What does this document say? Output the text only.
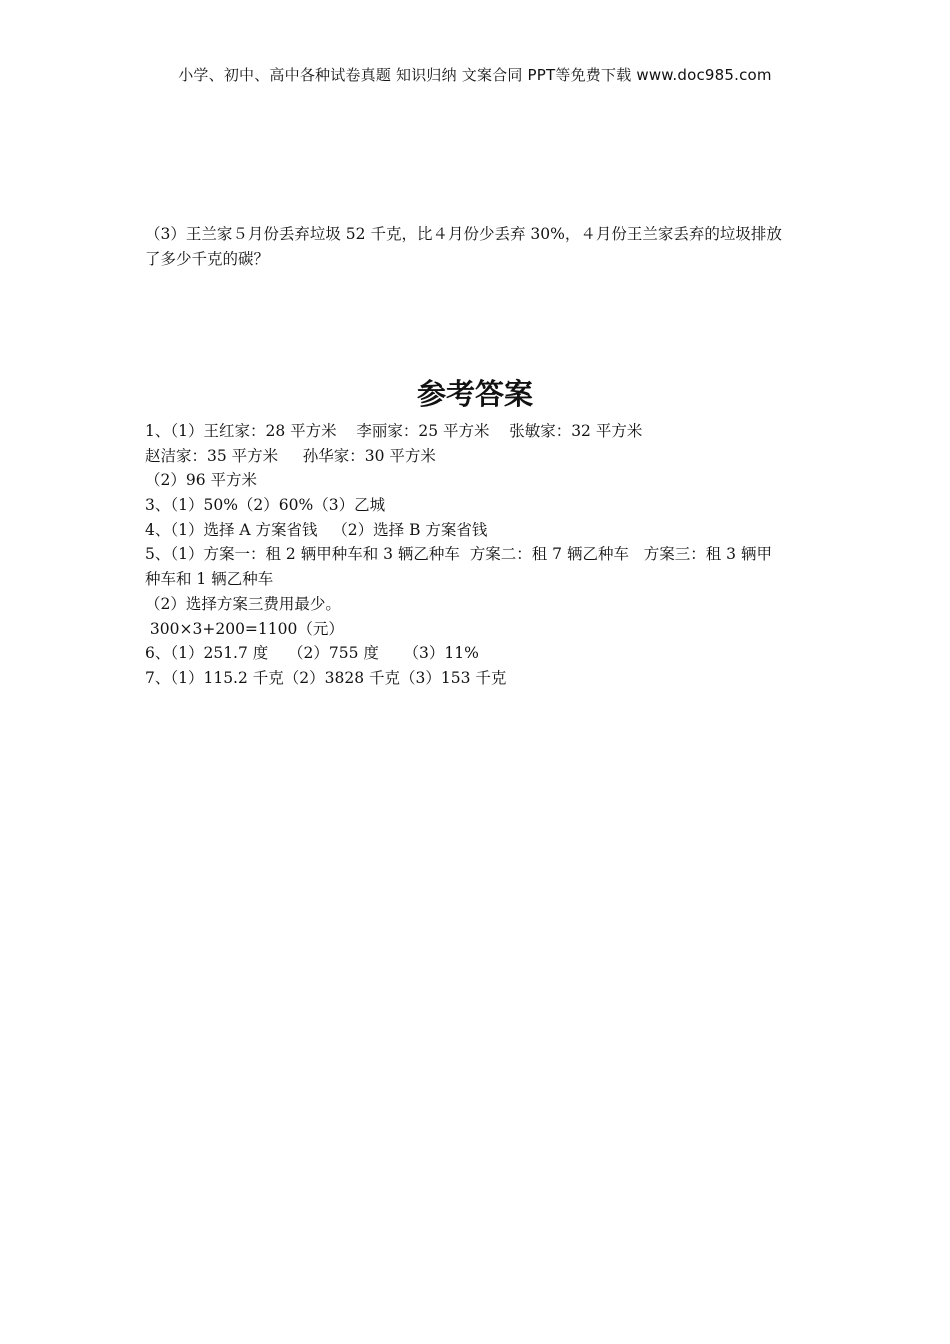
小学、初中、高中各种试卷真题 知识归纳 文案合同 PPT等免费下载 www.doc985.com
（3）王兰家５月份丢弃垃圾 52 千克，比４月份少丢弃 30%，４月份王兰家丢弃的垃圾排放
了多少千克的碳？
参考答案
1、（1）王红家：28 平方米    李丽家：25 平方米    张敏家：32 平方米
赵洁家：35 平方米     孙华家：30 平方米
（2）96 平方米
3、（1）50%（2）60%（3）乙城
4、（1）选择 A 方案省钱   （2）选择 B 方案省钱
5、（1）方案一：租 2 辆甲种车和 3 辆乙种车  方案二：租 7 辆乙种车   方案三：租 3 辆甲
种车和 1 辆乙种车
（2）选择方案三费用最少。
300×3+200=1100（元）
6、（1）251.7 度    （2）755 度     （3）11%
7、（1）115.2 千克（2）3828 千克（3）153 千克
